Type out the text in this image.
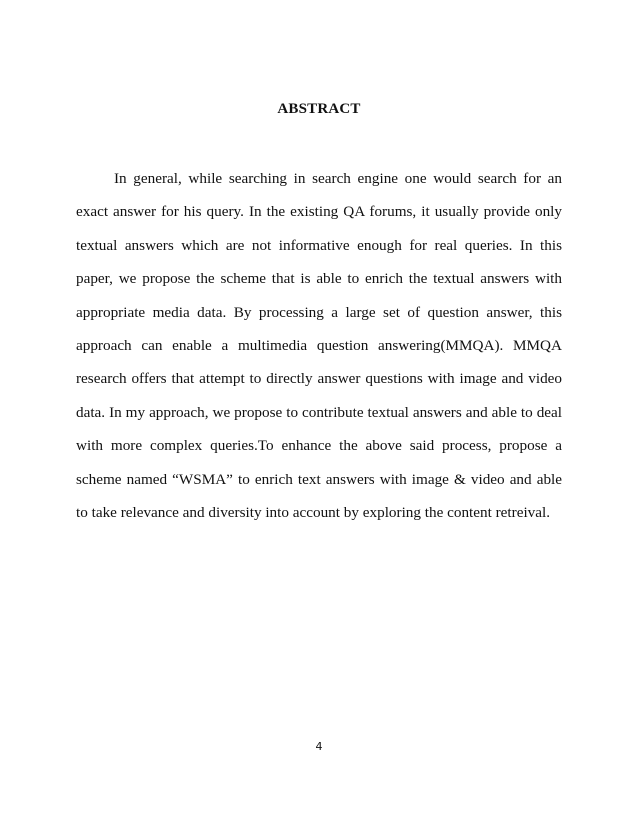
ABSTRACT

In general, while searching in search engine one would search for an exact answer for his query. In the existing QA forums, it usually provide only textual answers which are not informative enough for real queries. In this paper, we propose the scheme that is able to enrich the textual answers with appropriate media data. By processing a large set of question answer, this approach can enable a multimedia question answering(MMQA). MMQA research offers that attempt to directly answer questions with image and video data. In my approach, we propose to contribute textual answers and able to deal with more complex queries.To enhance the above said process, propose a scheme named “WSMA” to enrich text answers with image & video and able to take relevance and diversity into account by exploring the content retreival.

4
